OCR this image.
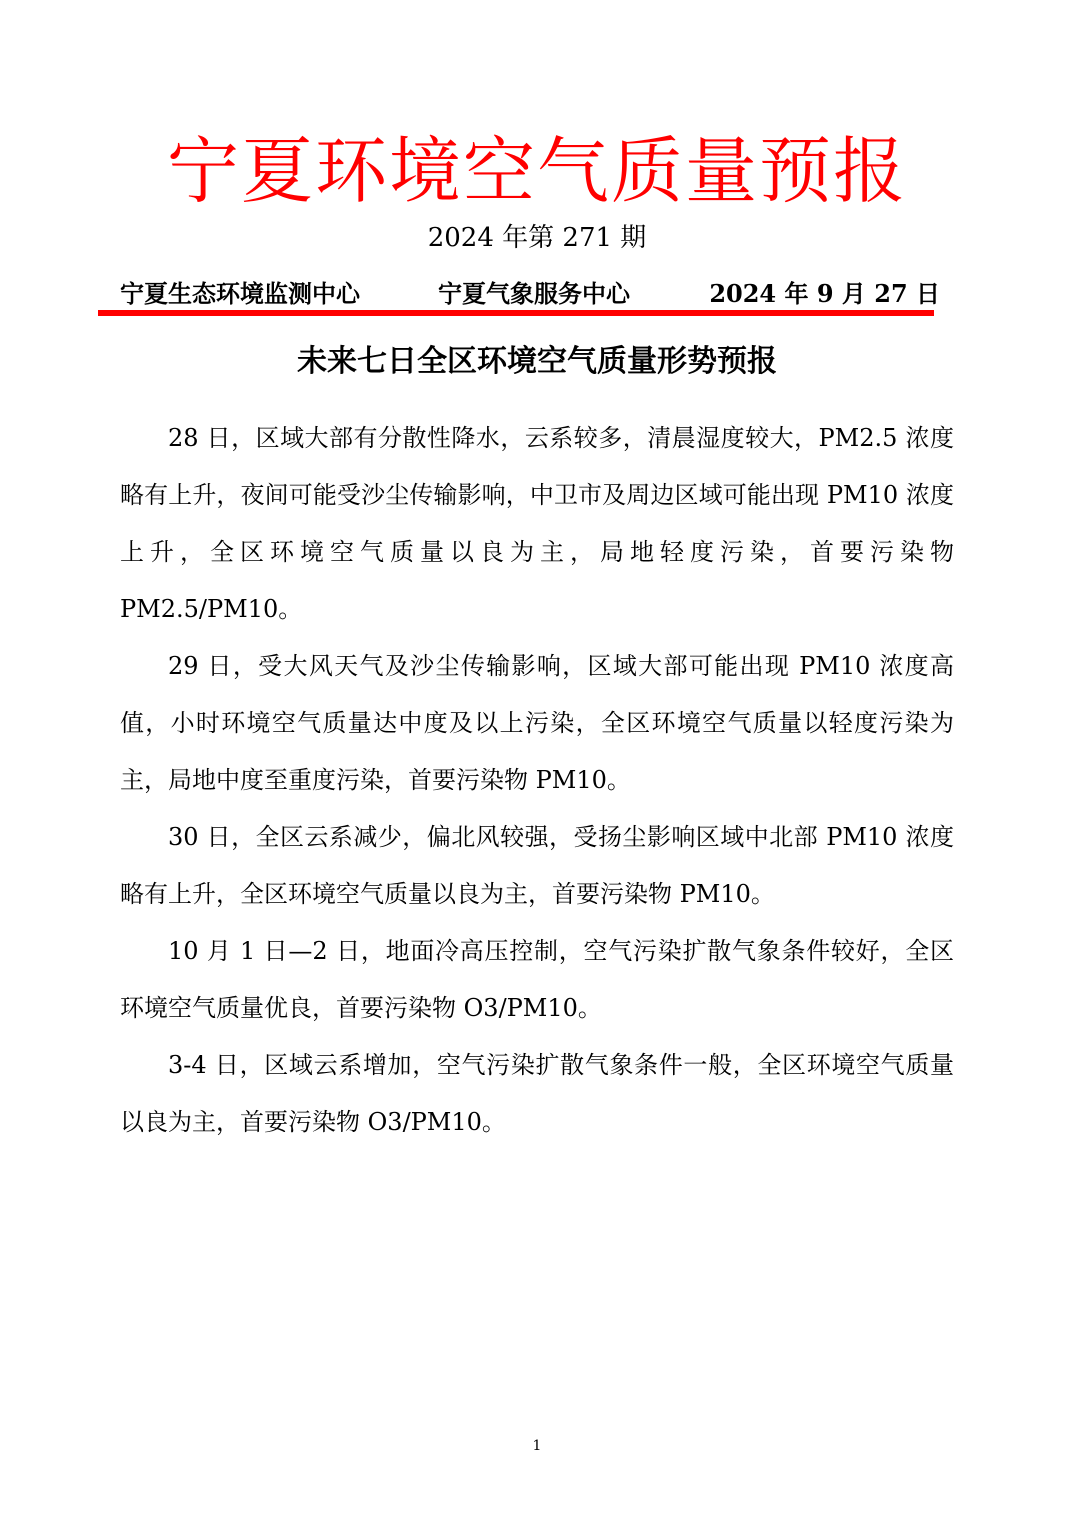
宁夏环境空气质量预报
2024 年第 271 期
宁夏生态环境监测中心	宁夏气象服务中心	2024 年 9 月 27 日
未来七日全区环境空气质量形势预报

28 日，区域大部有分散性降水，云系较多，清晨湿度较大，PM2.5 浓度略有上升，夜间可能受沙尘传输影响，中卫市及周边区域可能出现 PM10 浓度上升，全区环境空气质量以良为主，局地轻度污染，首要污染物 PM2.5/PM10。

29 日，受大风天气及沙尘传输影响，区域大部可能出现 PM10 浓度高值，小时环境空气质量达中度及以上污染，全区环境空气质量以轻度污染为主，局地中度至重度污染，首要污染物 PM10。

30 日，全区云系减少，偏北风较强，受扬尘影响区域中北部 PM10 浓度略有上升，全区环境空气质量以良为主，首要污染物 PM10。

10 月 1 日—2 日，地面冷高压控制，空气污染扩散气象条件较好，全区环境空气质量优良，首要污染物 O3/PM10。

3-4 日，区域云系增加，空气污染扩散气象条件一般，全区环境空气质量以良为主，首要污染物 O3/PM10。

1
